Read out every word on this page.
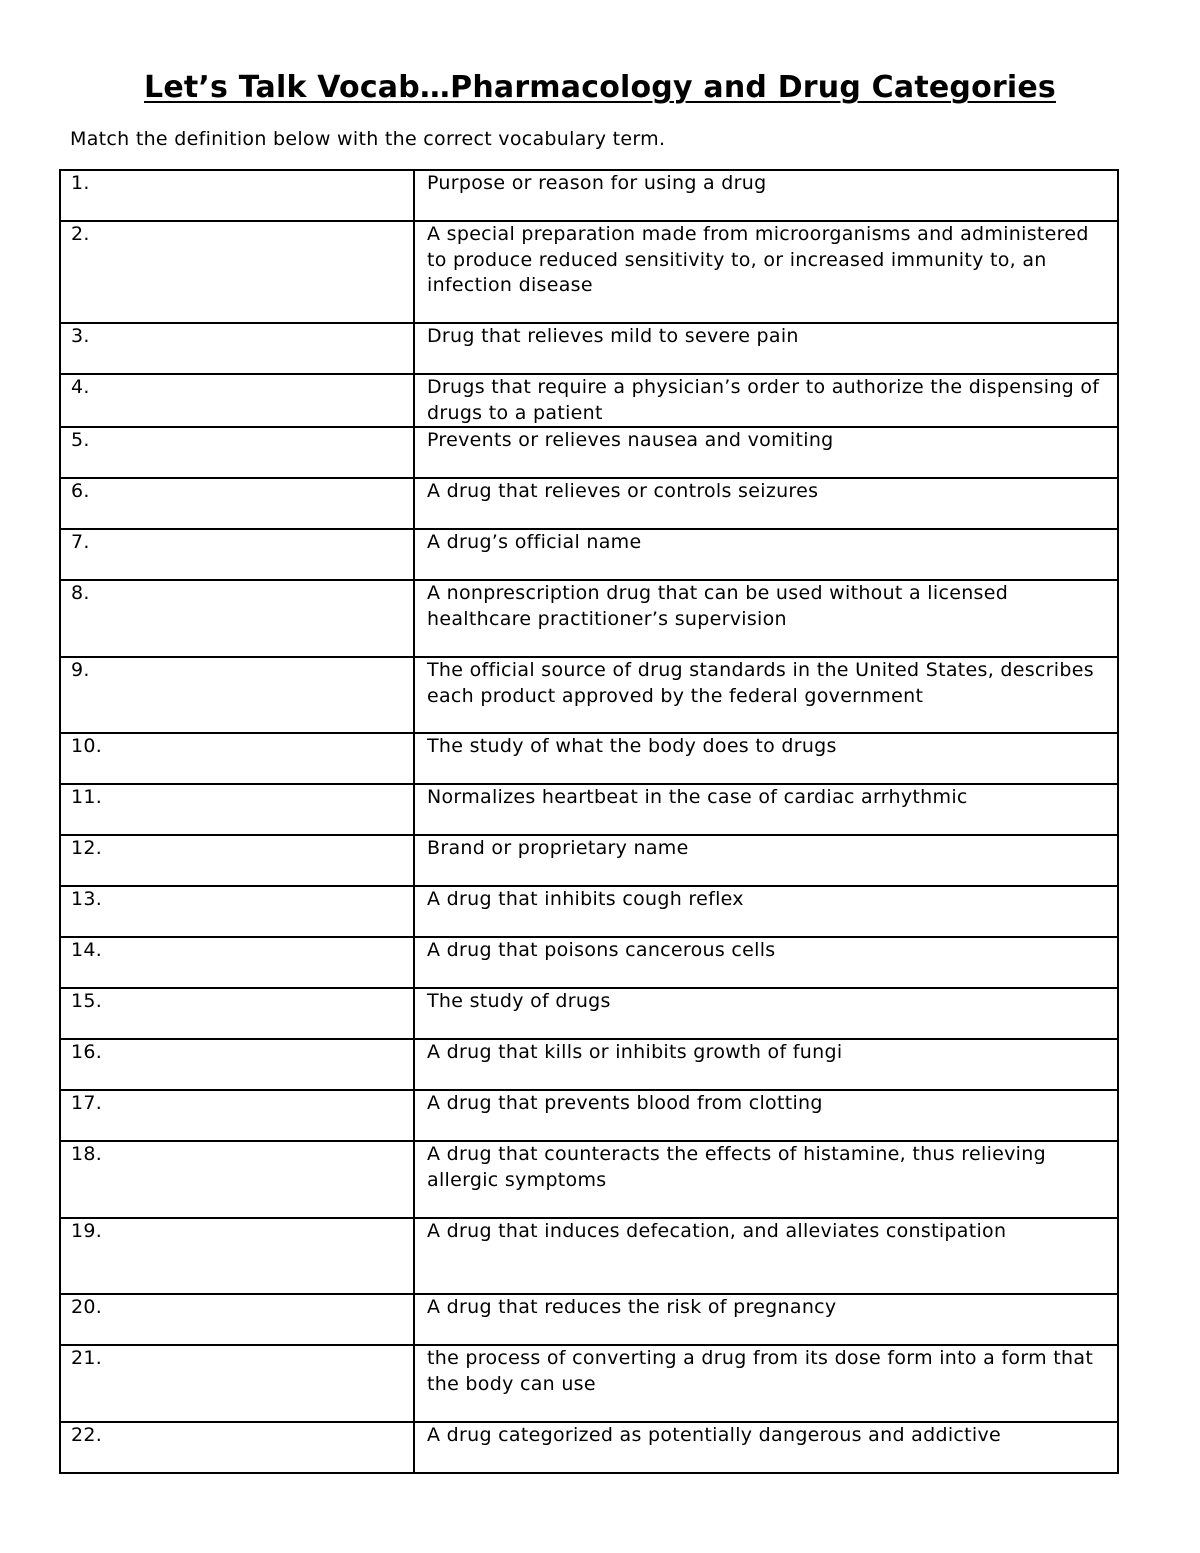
Let’s Talk Vocab…Pharmacology and Drug Categories
Match the definition below with the correct vocabulary term.
1.	Purpose or reason for using a drug
2.	A special preparation made from microorganisms and administered to produce reduced sensitivity to, or increased immunity to, an infection disease
3.	Drug that relieves mild to severe pain
4.	Drugs that require a physician’s order to authorize the dispensing of drugs to a patient
5.	Prevents or relieves nausea and vomiting
6.	A drug that relieves or controls seizures
7.	A drug’s official name
8.	A nonprescription drug that can be used without a licensed healthcare practitioner’s supervision
9.	The official source of drug standards in the United States, describes each product approved by the federal government
10.	The study of what the body does to drugs
11.	Normalizes heartbeat in the case of cardiac arrhythmic
12.	Brand or proprietary name
13.	A drug that inhibits cough reflex
14.	A drug that poisons cancerous cells
15.	The study of drugs
16.	A drug that kills or inhibits growth of fungi
17.	A drug that prevents blood from clotting
18.	A drug that counteracts the effects of histamine, thus relieving allergic symptoms
19.	A drug that induces defecation, and alleviates constipation
20.	A drug that reduces the risk of pregnancy
21.	the process of converting a drug from its dose form into a form that the body can use
22.	A drug categorized as potentially dangerous and addictive
